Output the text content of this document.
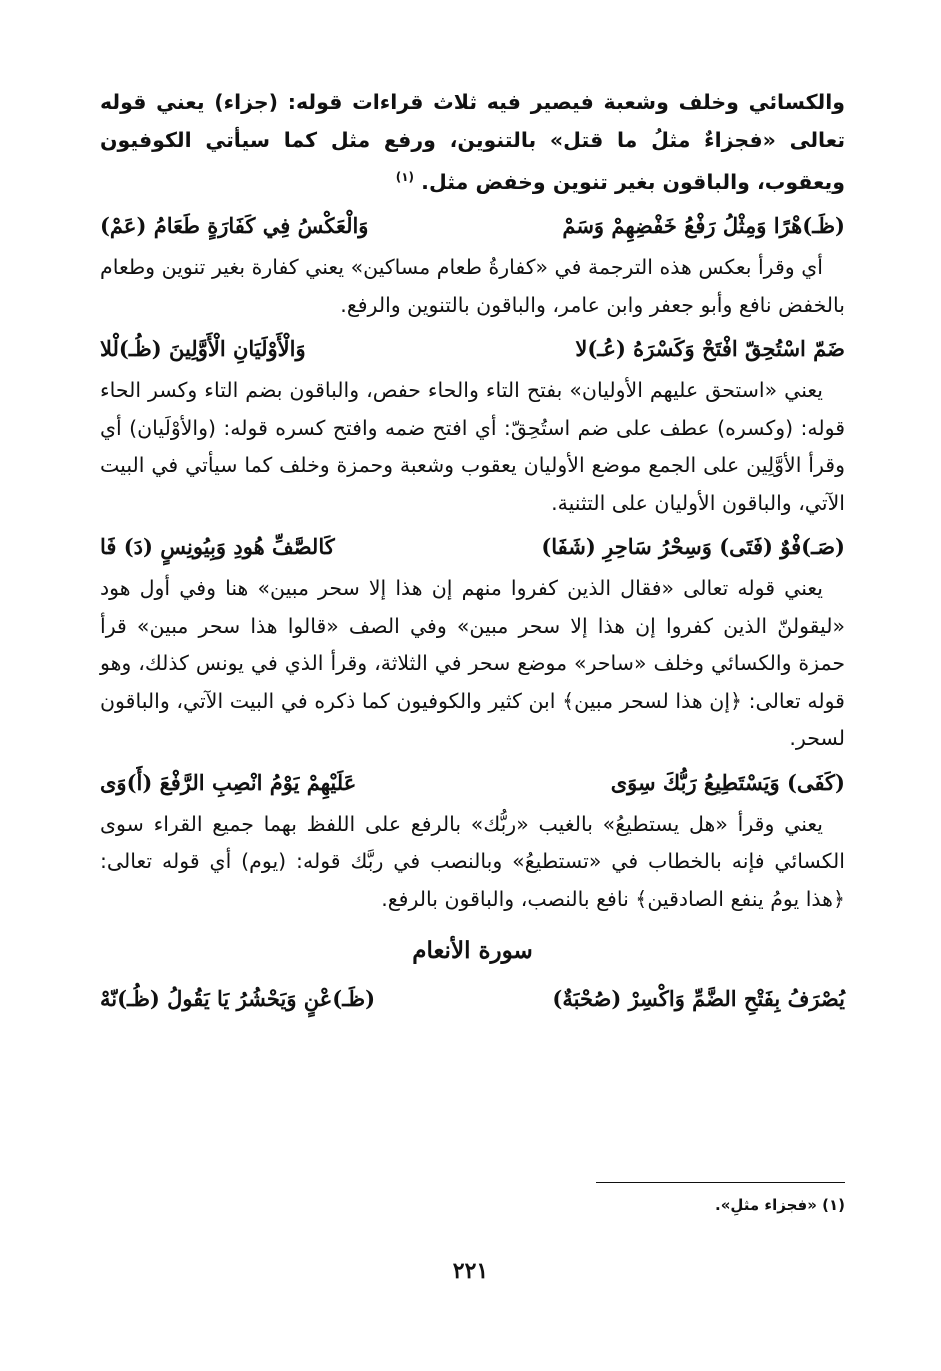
والكسائي وخلف وشعبة فيصير فيه ثلاث قراءات قوله: (جزاء) يعني قوله تعالى «فجزاءٌ مثلُ ما قتل» بالتنوين، ورفع مثل كما سيأتي الكوفيون ويعقوب، والباقون بغير تنوين وخفض مثل. $^{(١)}$

(ظَـ)هْرًا وَمِثْلُ رَفْعُ خَفْضِهِمْ وَسَمْ
وَالْعَكْسُ فِي كَفَارَةٍ طَعَامُ (عَمْ)

أي وقرأ بعكس هذه الترجمة في «كفارةُ طعام مساكين» يعني كفارة بغير تنوين وطعام بالخفض نافع وأبو جعفر وابن عامر، والباقون بالتنوين والرفع.

ضَمّ اسْتُحِقّ افْتَحْ وَكَسْرَهُ (عُـ)لا
وَالْأَوْلَيَانِ الْأَوَّلِينَ (ظُـ)لْلا

يعني «استحق عليهم الأوليان» بفتح التاء والحاء حفص، والباقون بضم التاء وكسر الحاء قوله: (وكسره) عطف على ضم استُحِقّ: أي افتح ضمه وافتح كسره قوله: (والأوْلَيان) أي وقرأ الأوَّلِين على الجمع موضع الأوليان يعقوب وشعبة وحمزة وخلف كما سيأتي في البيت الآتي، والباقون الأوليان على التثنية.

(صَـ)فْوٌ (فَتَى) وَسِحْرُ سَاحِرِ (شَفَا)
كَالصَّفِّ هُودِ وَبِيُونِسٍ (دَ) فَا

يعني قوله تعالى «فقال الذين كفروا منهم إن هذا إلا سحر مبين» هنا وفي أول هود «ليقولنّ الذين كفروا إن هذا إلا سحر مبين» وفي الصف «قالوا هذا سحر مبين» قرأ حمزة والكسائي وخلف «ساحر» موضع سحر في الثلاثة، وقرأ الذي في يونس كذلك، وهو قوله تعالى: ﴿إن هذا لسحر مبين﴾ ابن كثير والكوفيون كما ذكره في البيت الآتي، والباقون لسحر.

(كَفَى) وَيَسْتَطِيعُ رَبُّكَ سِوَى
عَلَيْهِمْ يَوْمُ انْصِبِ الرَّفْعَ (أَ)وَى

يعني وقرأ «هل يستطيعُ» بالغيب «ربُّك» بالرفع على اللفظ بهما جميع القراء سوى الكسائي فإنه بالخطاب في «تستطيعُ» وبالنصب في ربَّك قوله: (يوم) أي قوله تعالى: ﴿هذا يومُ ينفع الصادقين﴾ نافع بالنصب، والباقون بالرفع.

سورة الأنعام
يُصْرَفُ بِفَتْحِ الضَّمِّ وَاكْسِرْ (صُحْبَةٌ)
(ظَـ)عْنٍ وَيَحْشُرُ يَا يَقُولُ (ظُـ)نّهْ
(١) «فجزاء مثلِ».
٢٢١
